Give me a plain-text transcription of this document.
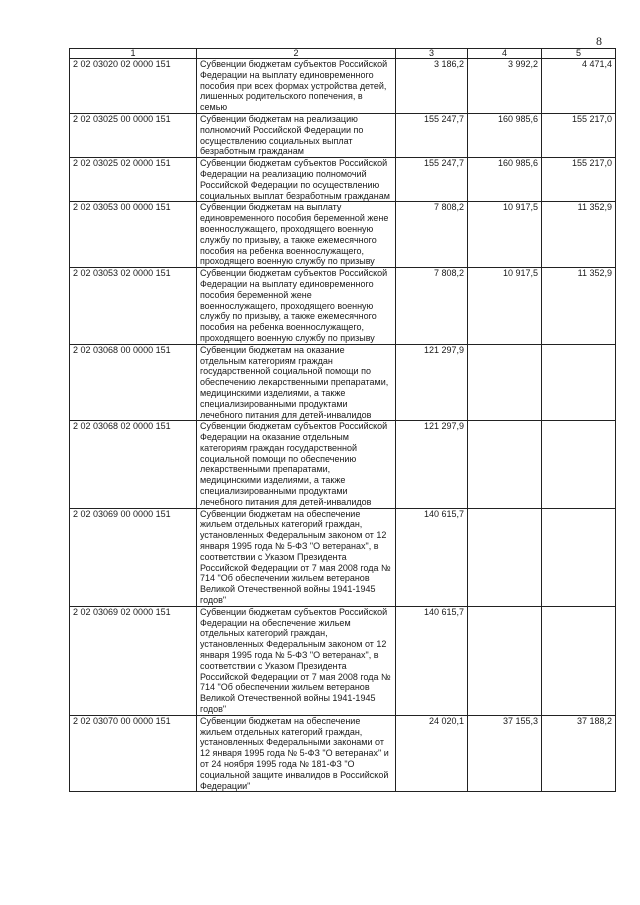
8
1	2	3	4	5
2 02 03020 02 0000 151	Субвенции бюджетам субъектов Российской Федерации на выплату единовременного пособия при всех формах устройства детей, лишенных родительского попечения, в семью	3 186,2	3 992,2	4 471,4
2 02 03025 00 0000 151	Субвенции бюджетам на реализацию полномочий Российской Федерации по осуществлению социальных выплат безработным гражданам	155 247,7	160 985,6	155 217,0
2 02 03025 02 0000 151	Субвенции бюджетам субъектов Российской Федерации на реализацию полномочий Российской Федерации по осуществлению социальных выплат безработным гражданам	155 247,7	160 985,6	155 217,0
2 02 03053 00 0000 151	Субвенции бюджетам на выплату единовременного пособия беременной жене военнослужащего, проходящего военную службу по призыву, а также ежемесячного пособия на ребенка военнослужащего, проходящего военную службу по призыву	7 808,2	10 917,5	11 352,9
2 02 03053 02 0000 151	Субвенции бюджетам субъектов Российской Федерации на выплату единовременного пособия беременной жене военнослужащего, проходящего военную службу по призыву, а также ежемесячного пособия на ребенка военнослужащего, проходящего военную службу по призыву	7 808,2	10 917,5	11 352,9
2 02 03068 00 0000 151	Субвенции бюджетам на оказание отдельным категориям граждан государственной социальной помощи по обеспечению лекарственными препаратами, медицинскими изделиями, а также специализированными продуктами лечебного питания для детей-инвалидов	121 297,9		
2 02 03068 02 0000 151	Субвенции бюджетам субъектов Российской Федерации на оказание отдельным категориям граждан государственной социальной помощи по обеспечению лекарственными препаратами, медицинскими изделиями, а также специализированными продуктами лечебного питания для детей-инвалидов	121 297,9		
2 02 03069 00 0000 151	Субвенции бюджетам на обеспечение жильем отдельных категорий граждан, установленных Федеральным законом от 12 января 1995 года № 5-ФЗ "О ветеранах", в соответствии с Указом Президента Российской Федерации от 7 мая 2008 года № 714 "Об обеспечении жильем ветеранов Великой Отечественной войны 1941-1945 годов"	140 615,7		
2 02 03069 02 0000 151	Субвенции бюджетам субъектов Российской Федерации на обеспечение жильем отдельных категорий граждан, установленных Федеральным законом от 12 января 1995 года № 5-ФЗ "О ветеранах", в соответствии с Указом Президента Российской Федерации от 7 мая 2008 года № 714 "Об обеспечении жильем ветеранов Великой Отечественной войны 1941-1945 годов"	140 615,7		
2 02 03070 00 0000 151	Субвенции бюджетам на обеспечение жильем отдельных категорий граждан, установленных Федеральными законами от 12 января 1995 года № 5-ФЗ "О ветеранах" и от 24 ноября 1995 года № 181-ФЗ "О социальной защите инвалидов в Российской Федерации"	24 020,1	37 155,3	37 188,2
